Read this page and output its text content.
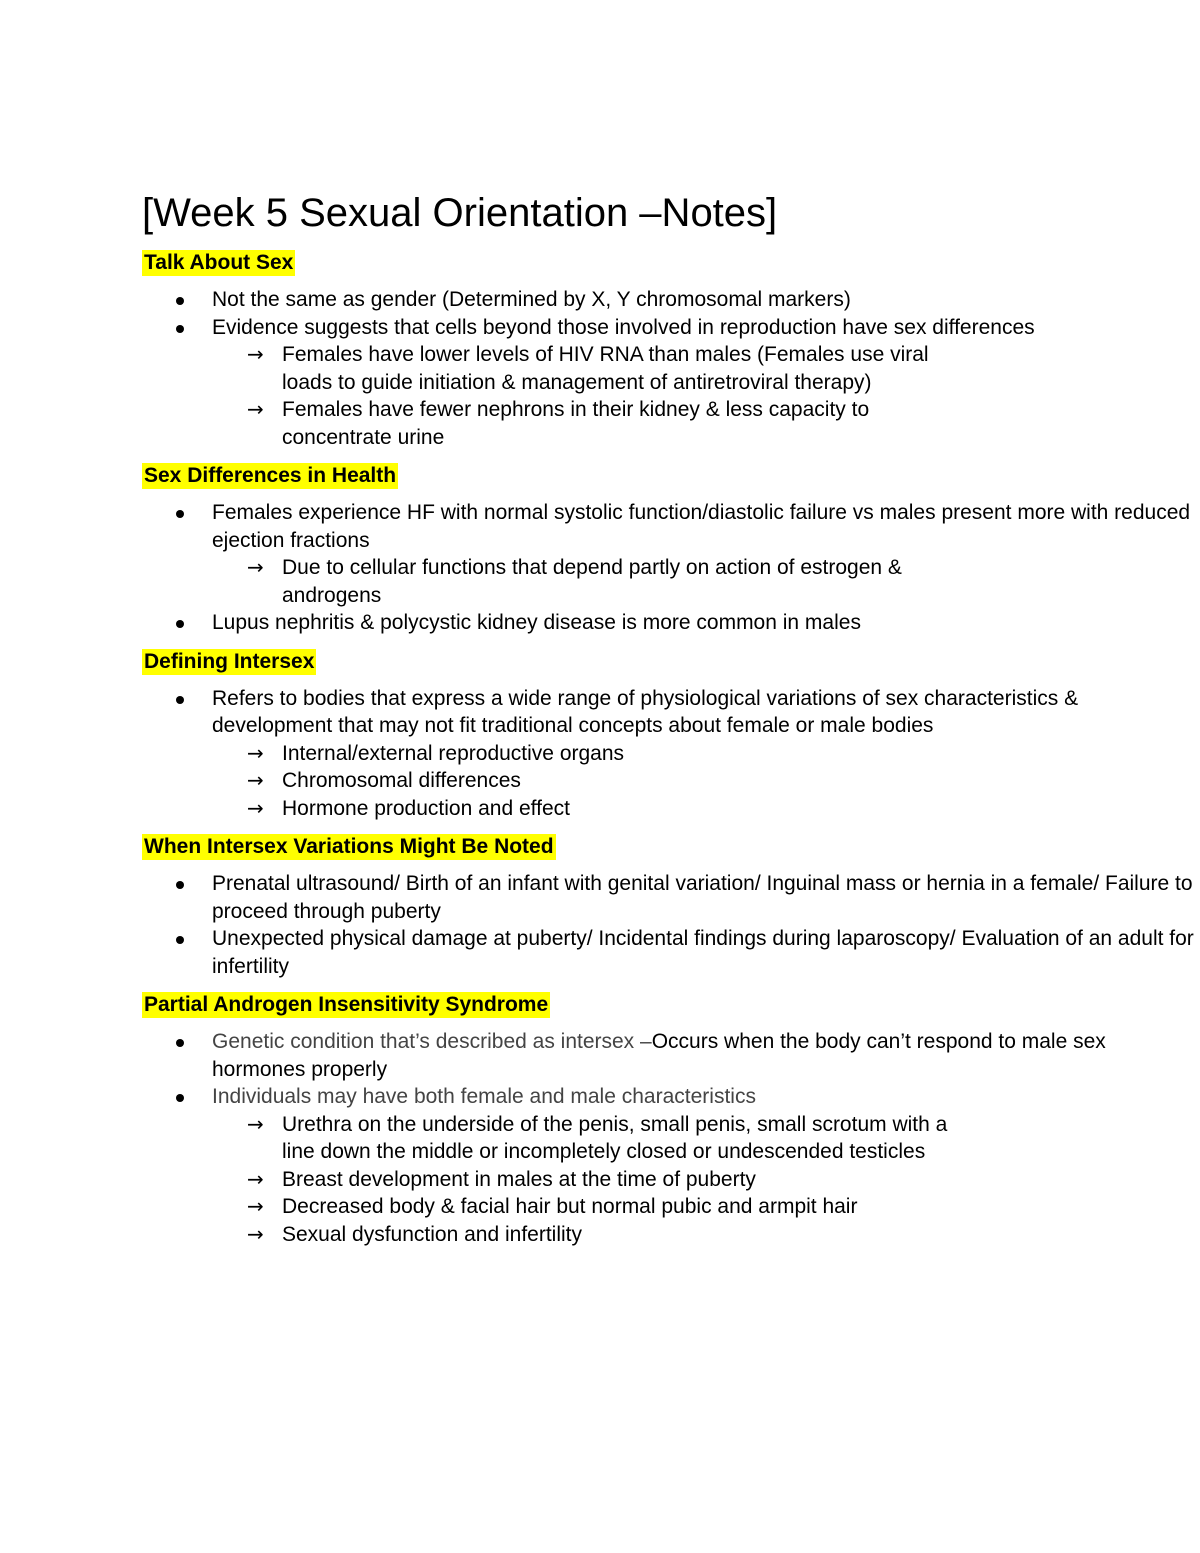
[Week 5 Sexual Orientation –Notes]
Talk About Sex
Not the same as gender (Determined by X, Y chromosomal markers)
Evidence suggests that cells beyond those involved in reproduction have sex differences
→ Females have lower levels of HIV RNA than males (Females use viral loads to guide initiation & management of antiretroviral therapy)
→ Females have fewer nephrons in their kidney & less capacity to concentrate urine
Sex Differences in Health
Females experience HF with normal systolic function/diastolic failure vs males present more with reduced ejection fractions
→ Due to cellular functions that depend partly on action of estrogen & androgens
Lupus nephritis & polycystic kidney disease is more common in males
Defining Intersex
Refers to bodies that express a wide range of physiological variations of sex characteristics & development that may not fit traditional concepts about female or male bodies
→ Internal/external reproductive organs
→ Chromosomal differences
→ Hormone production and effect
When Intersex Variations Might Be Noted
Prenatal ultrasound/ Birth of an infant with genital variation/ Inguinal mass or hernia in a female/ Failure to proceed through puberty
Unexpected physical damage at puberty/ Incidental findings during laparoscopy/ Evaluation of an adult for infertility
Partial Androgen Insensitivity Syndrome
Genetic condition that’s described as intersex –Occurs when the body can’t respond to male sex hormones properly
Individuals may have both female and male characteristics
→ Urethra on the underside of the penis, small penis, small scrotum with a line down the middle or incompletely closed or undescended testicles
→ Breast development in males at the time of puberty
→ Decreased body & facial hair but normal pubic and armpit hair
→ Sexual dysfunction and infertility
